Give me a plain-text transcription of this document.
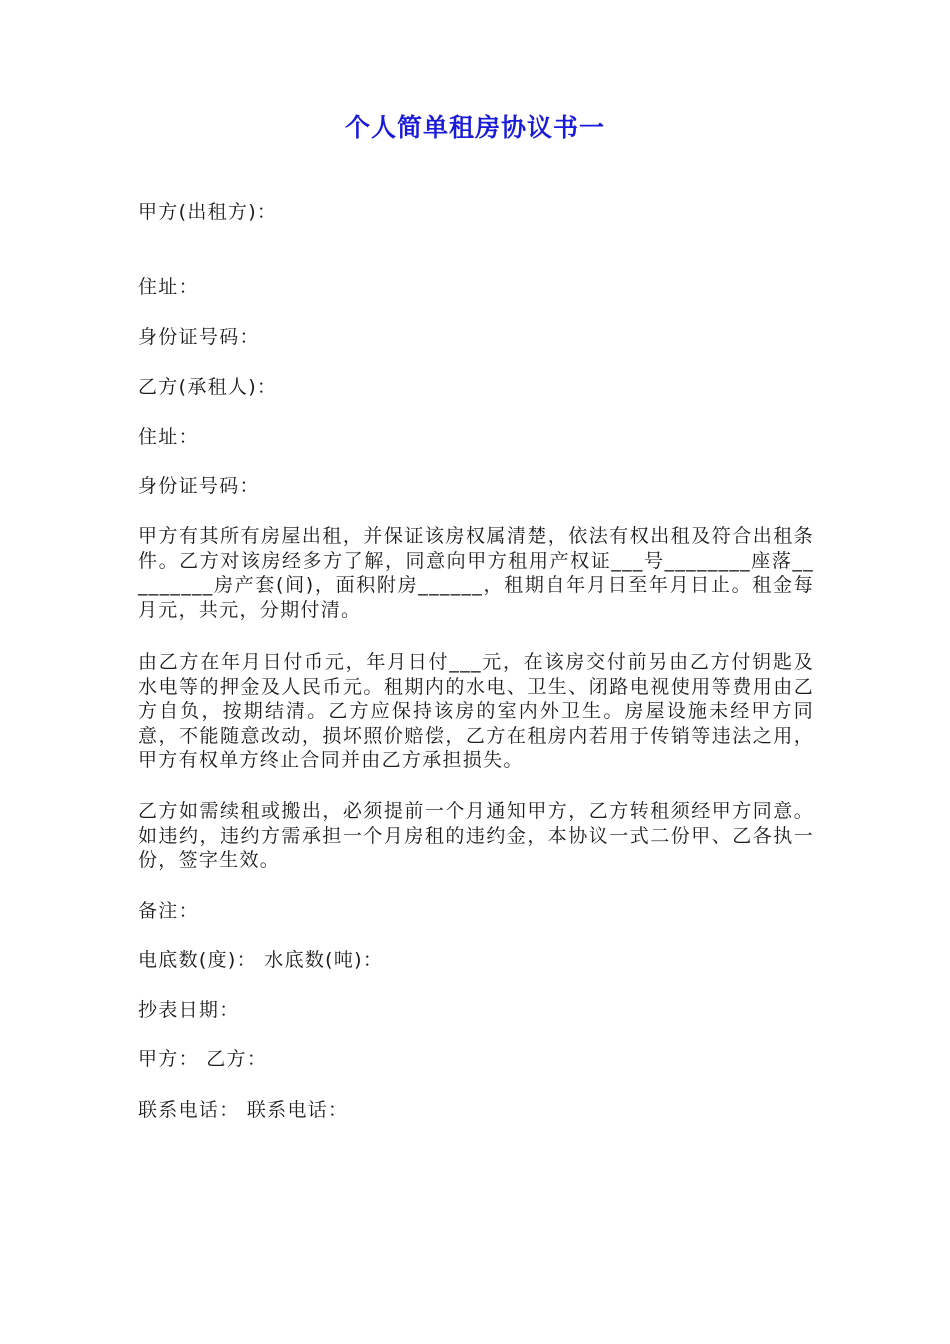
个人简单租房协议书一
甲方(出租方)：
住址：
身份证号码：
乙方(承租人)：
住址：
身份证号码：
甲方有其所有房屋出租，并保证该房权属清楚，依法有权出租及符合出租条件。乙方对该房经多方了解，同意向甲方租用产权证___号________座落_________房产套(间)，面积附房______，租期自年月日至年月日止。租金每月元，共元，分期付清。
由乙方在年月日付币元，年月日付___元，在该房交付前另由乙方付钥匙及水电等的押金及人民币元。租期内的水电、卫生、闭路电视使用等费用由乙方自负，按期结清。乙方应保持该房的室内外卫生。房屋设施未经甲方同意，不能随意改动，损坏照价赔偿，乙方在租房内若用于传销等违法之用，甲方有权单方终止合同并由乙方承担损失。
乙方如需续租或搬出，必须提前一个月通知甲方，乙方转租须经甲方同意。如违约，违约方需承担一个月房租的违约金，本协议一式二份甲、乙各执一份，签字生效。
备注：
电底数(度)： 水底数(吨)：
抄表日期：
甲方： 乙方：
联系电话： 联系电话：
